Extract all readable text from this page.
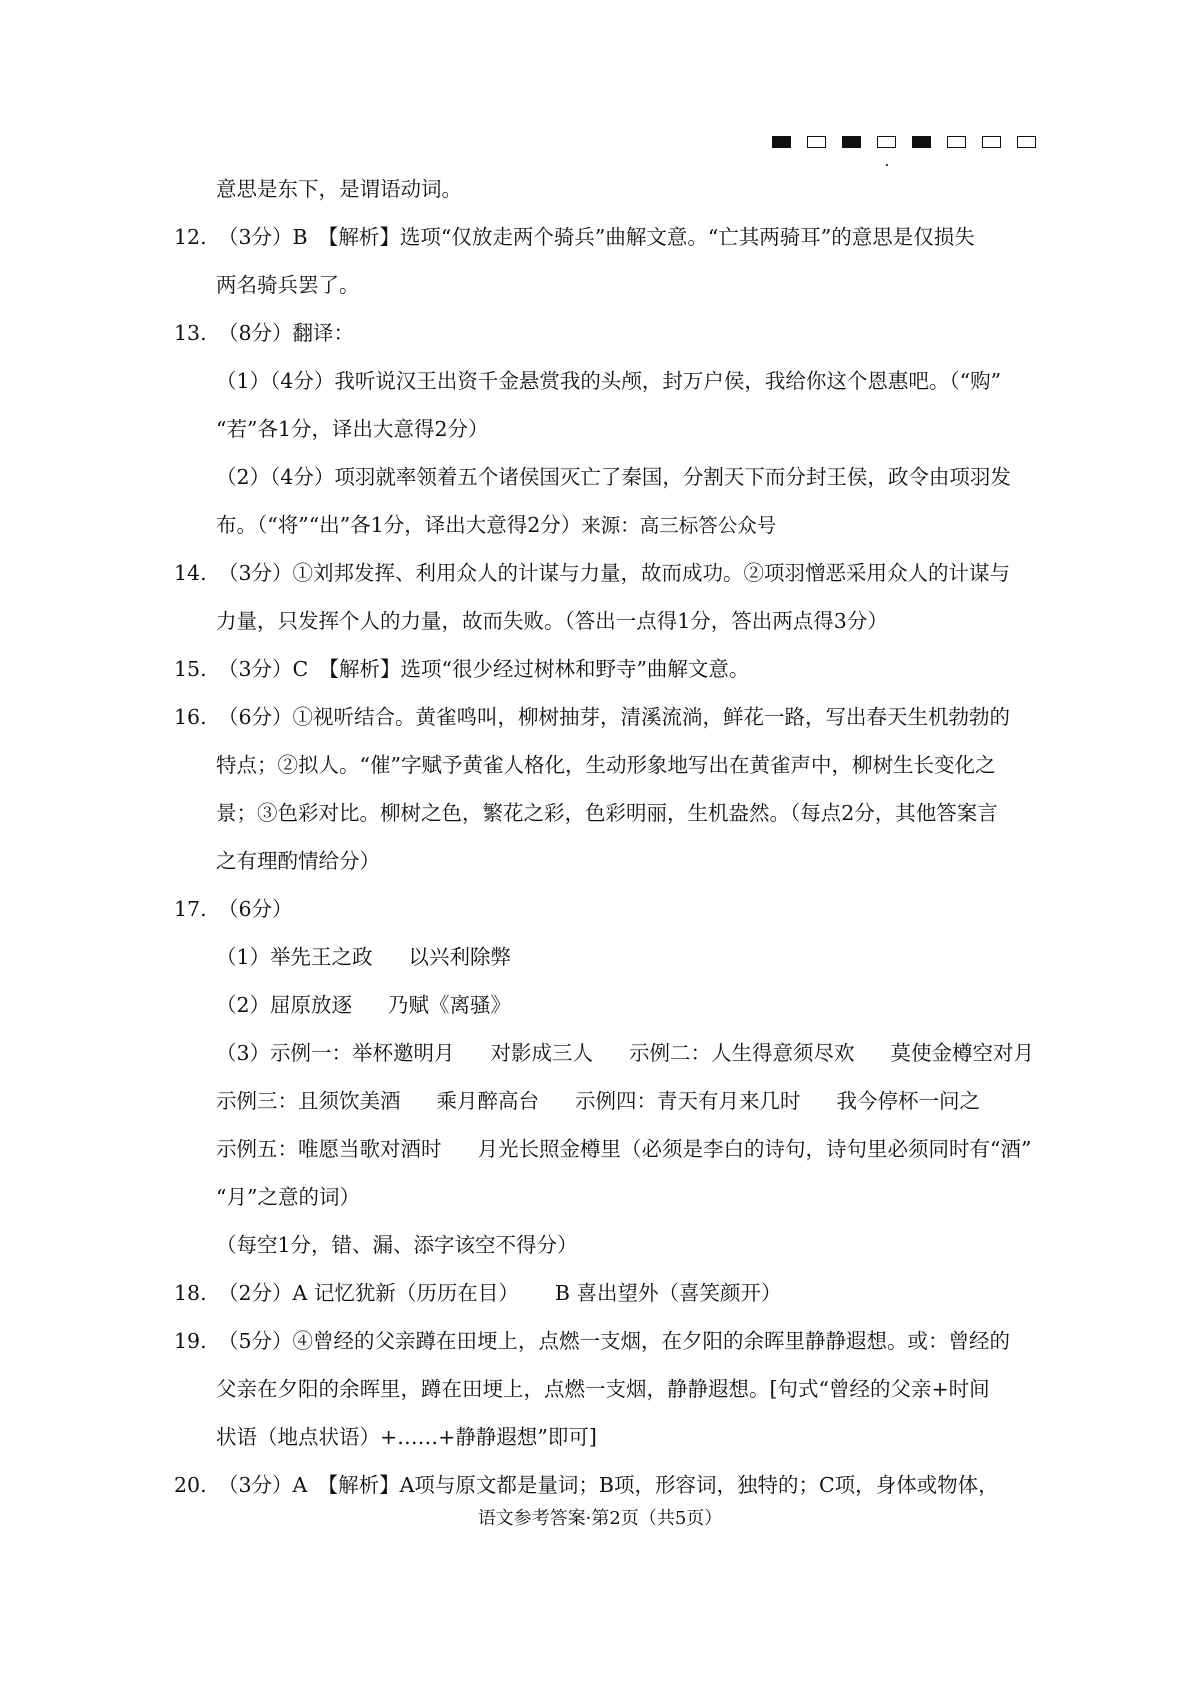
意思是东下，是谓语动词。
12. （3分）B　【解析】选项“仅放走两个骑兵”曲解文意。“亡其两骑耳”的意思是仅损失
两名骑兵罢了。
13. （8分）翻译：
（1）（4分）我听说汉王出资千金悬赏我的头颅，封万户侯，我给你这个恩惠吧。（“购”
“若”各1分，译出大意得2分）
（2）（4分）项羽就率领着五个诸侯国灭亡了秦国，分割天下而分封王侯，政令由项羽发
布。（“将”“出”各1分，译出大意得2分）来源：高三标答公众号
14. （3分）①刘邦发挥、利用众人的计谋与力量，故而成功。②项羽憎恶采用众人的计谋与
力量，只发挥个人的力量，故而失败。（答出一点得1分，答出两点得3分）
15. （3分）C　【解析】选项“很少经过树林和野寺”曲解文意。
16. （6分）①视听结合。黄雀鸣叫，柳树抽芽，清溪流淌，鲜花一路，写出春天生机勃勃的
特点；②拟人。“催”字赋予黄雀人格化，生动形象地写出在黄雀声中，柳树生长变化之
景；③色彩对比。柳树之色，繁花之彩，色彩明丽，生机盎然。（每点2分，其他答案言
之有理酌情给分）
17. （6分）
（1）举先王之政 以兴利除弊
（2）屈原放逐 乃赋《离骚》
（3）示例一：举杯邀明月 对影成三人 示例二：人生得意须尽欢 莫使金樽空对月
示例三：且须饮美酒 乘月醉高台 示例四：青天有月来几时 我今停杯一问之
示例五：唯愿当歌对酒时 月光长照金樽里（必须是李白的诗句，诗句里必须同时有“酒”
“月”之意的词）
（每空1分，错、漏、添字该空不得分）
18. （2分）A 记忆犹新（历历在目） B 喜出望外（喜笑颜开）
19. （5分）④曾经的父亲蹲在田埂上，点燃一支烟，在夕阳的余晖里静静遐想。或：曾经的
父亲在夕阳的余晖里，蹲在田埂上，点燃一支烟，静静遐想。[句式“曾经的父亲+时间
状语（地点状语）+……+静静遐想”即可]
20. （3分）A　【解析】A项与原文都是量词；B项，形容词，独特的；C项，身体或物体，
语文参考答案·第2页（共5页）
